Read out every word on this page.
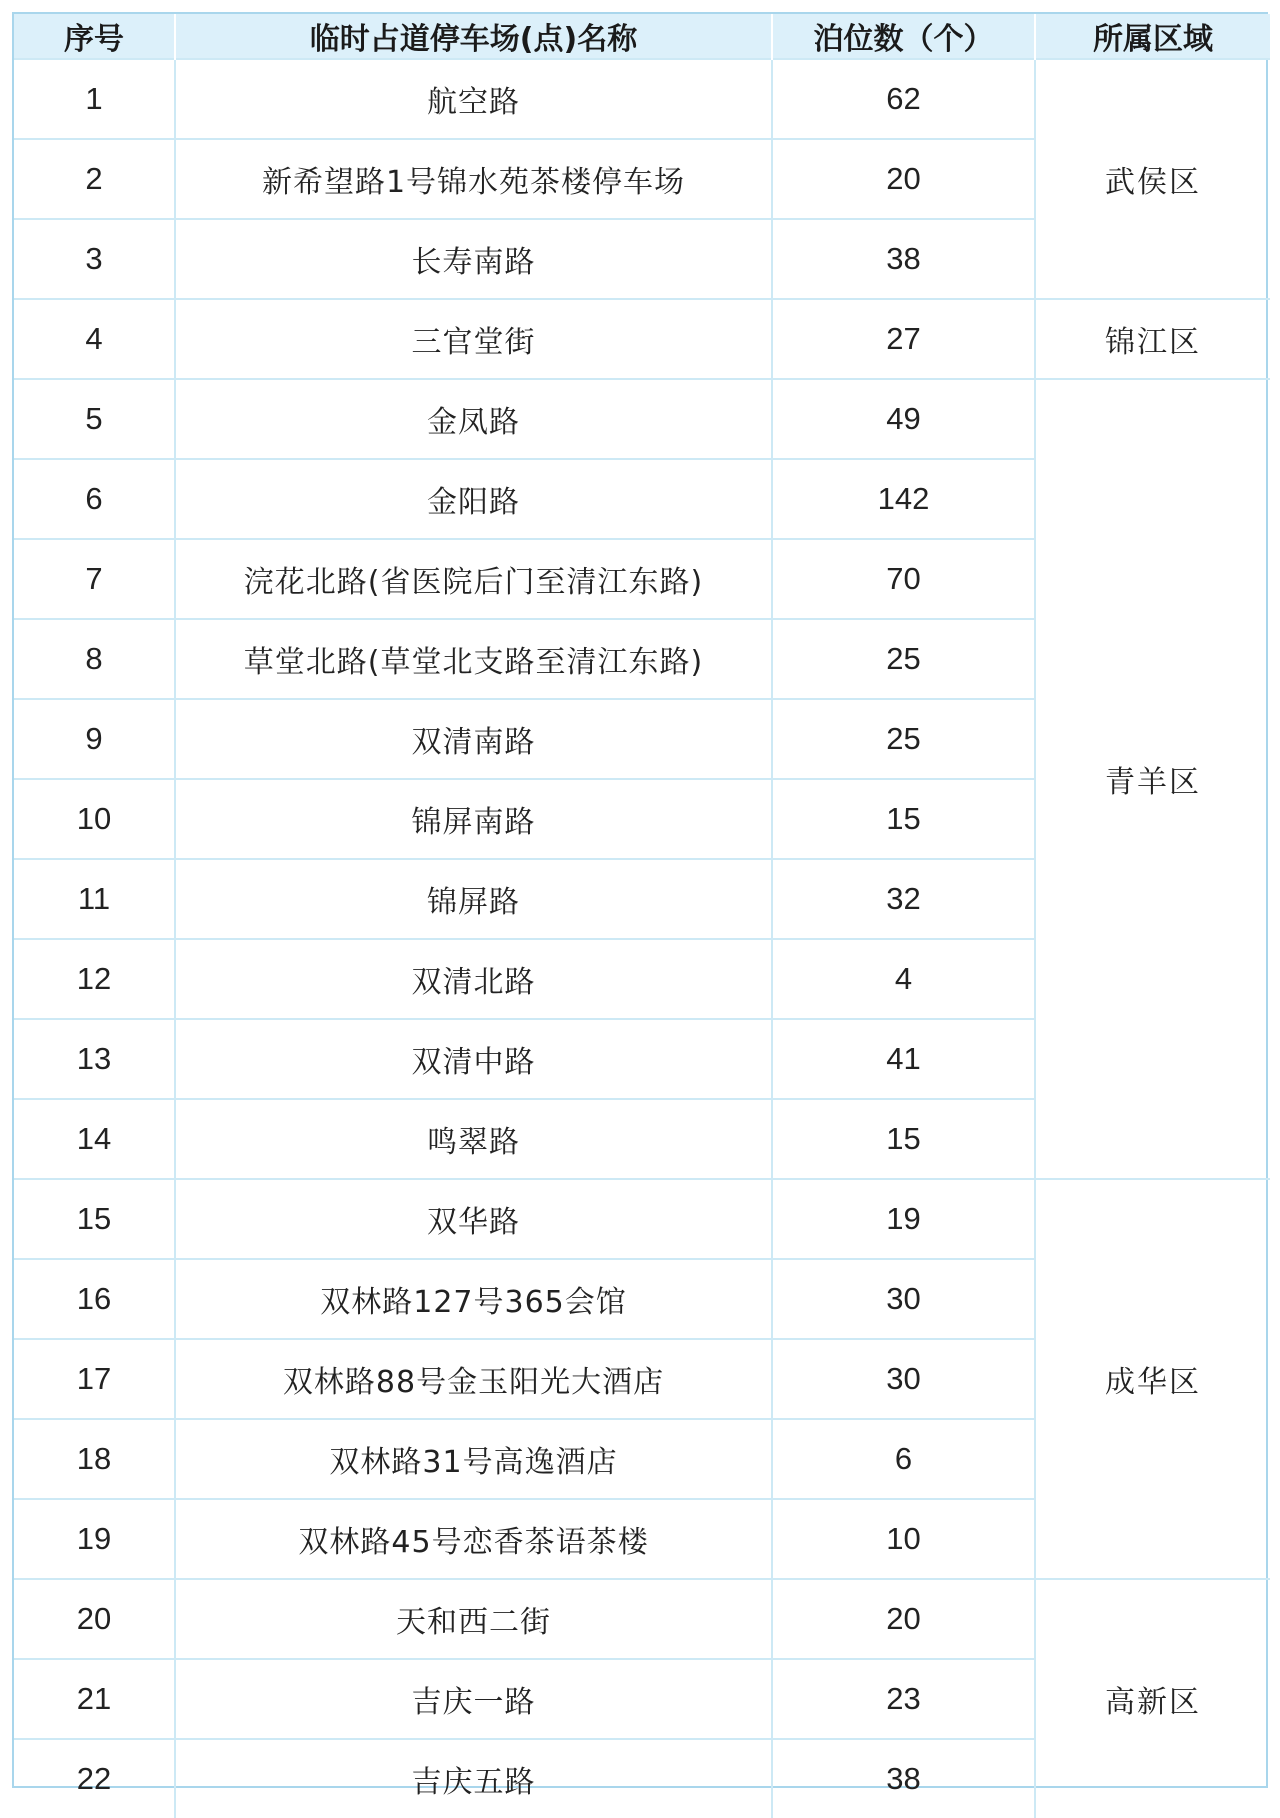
序号	临时占道停车场(点)名称	泊位数（个）	所属区域
1	航空路	62	武侯区
2	新希望路1号锦水苑茶楼停车场	20	
3	长寿南路	38	
4	三官堂街	27	锦江区
5	金凤路	49	青羊区
6	金阳路	142	
7	浣花北路(省医院后门至清江东路)	70	
8	草堂北路(草堂北支路至清江东路)	25	
9	双清南路	25	
10	锦屏南路	15	
11	锦屏路	32	
12	双清北路	4	
13	双清中路	41	
14	鸣翠路	15	
15	双华路	19	成华区
16	双林路127号365会馆	30	
17	双林路88号金玉阳光大酒店	30	
18	双林路31号高逸酒店	6	
19	双林路45号恋香茶语茶楼	10	
20	天和西二街	20	高新区
21	吉庆一路	23	
22	吉庆五路	38	
